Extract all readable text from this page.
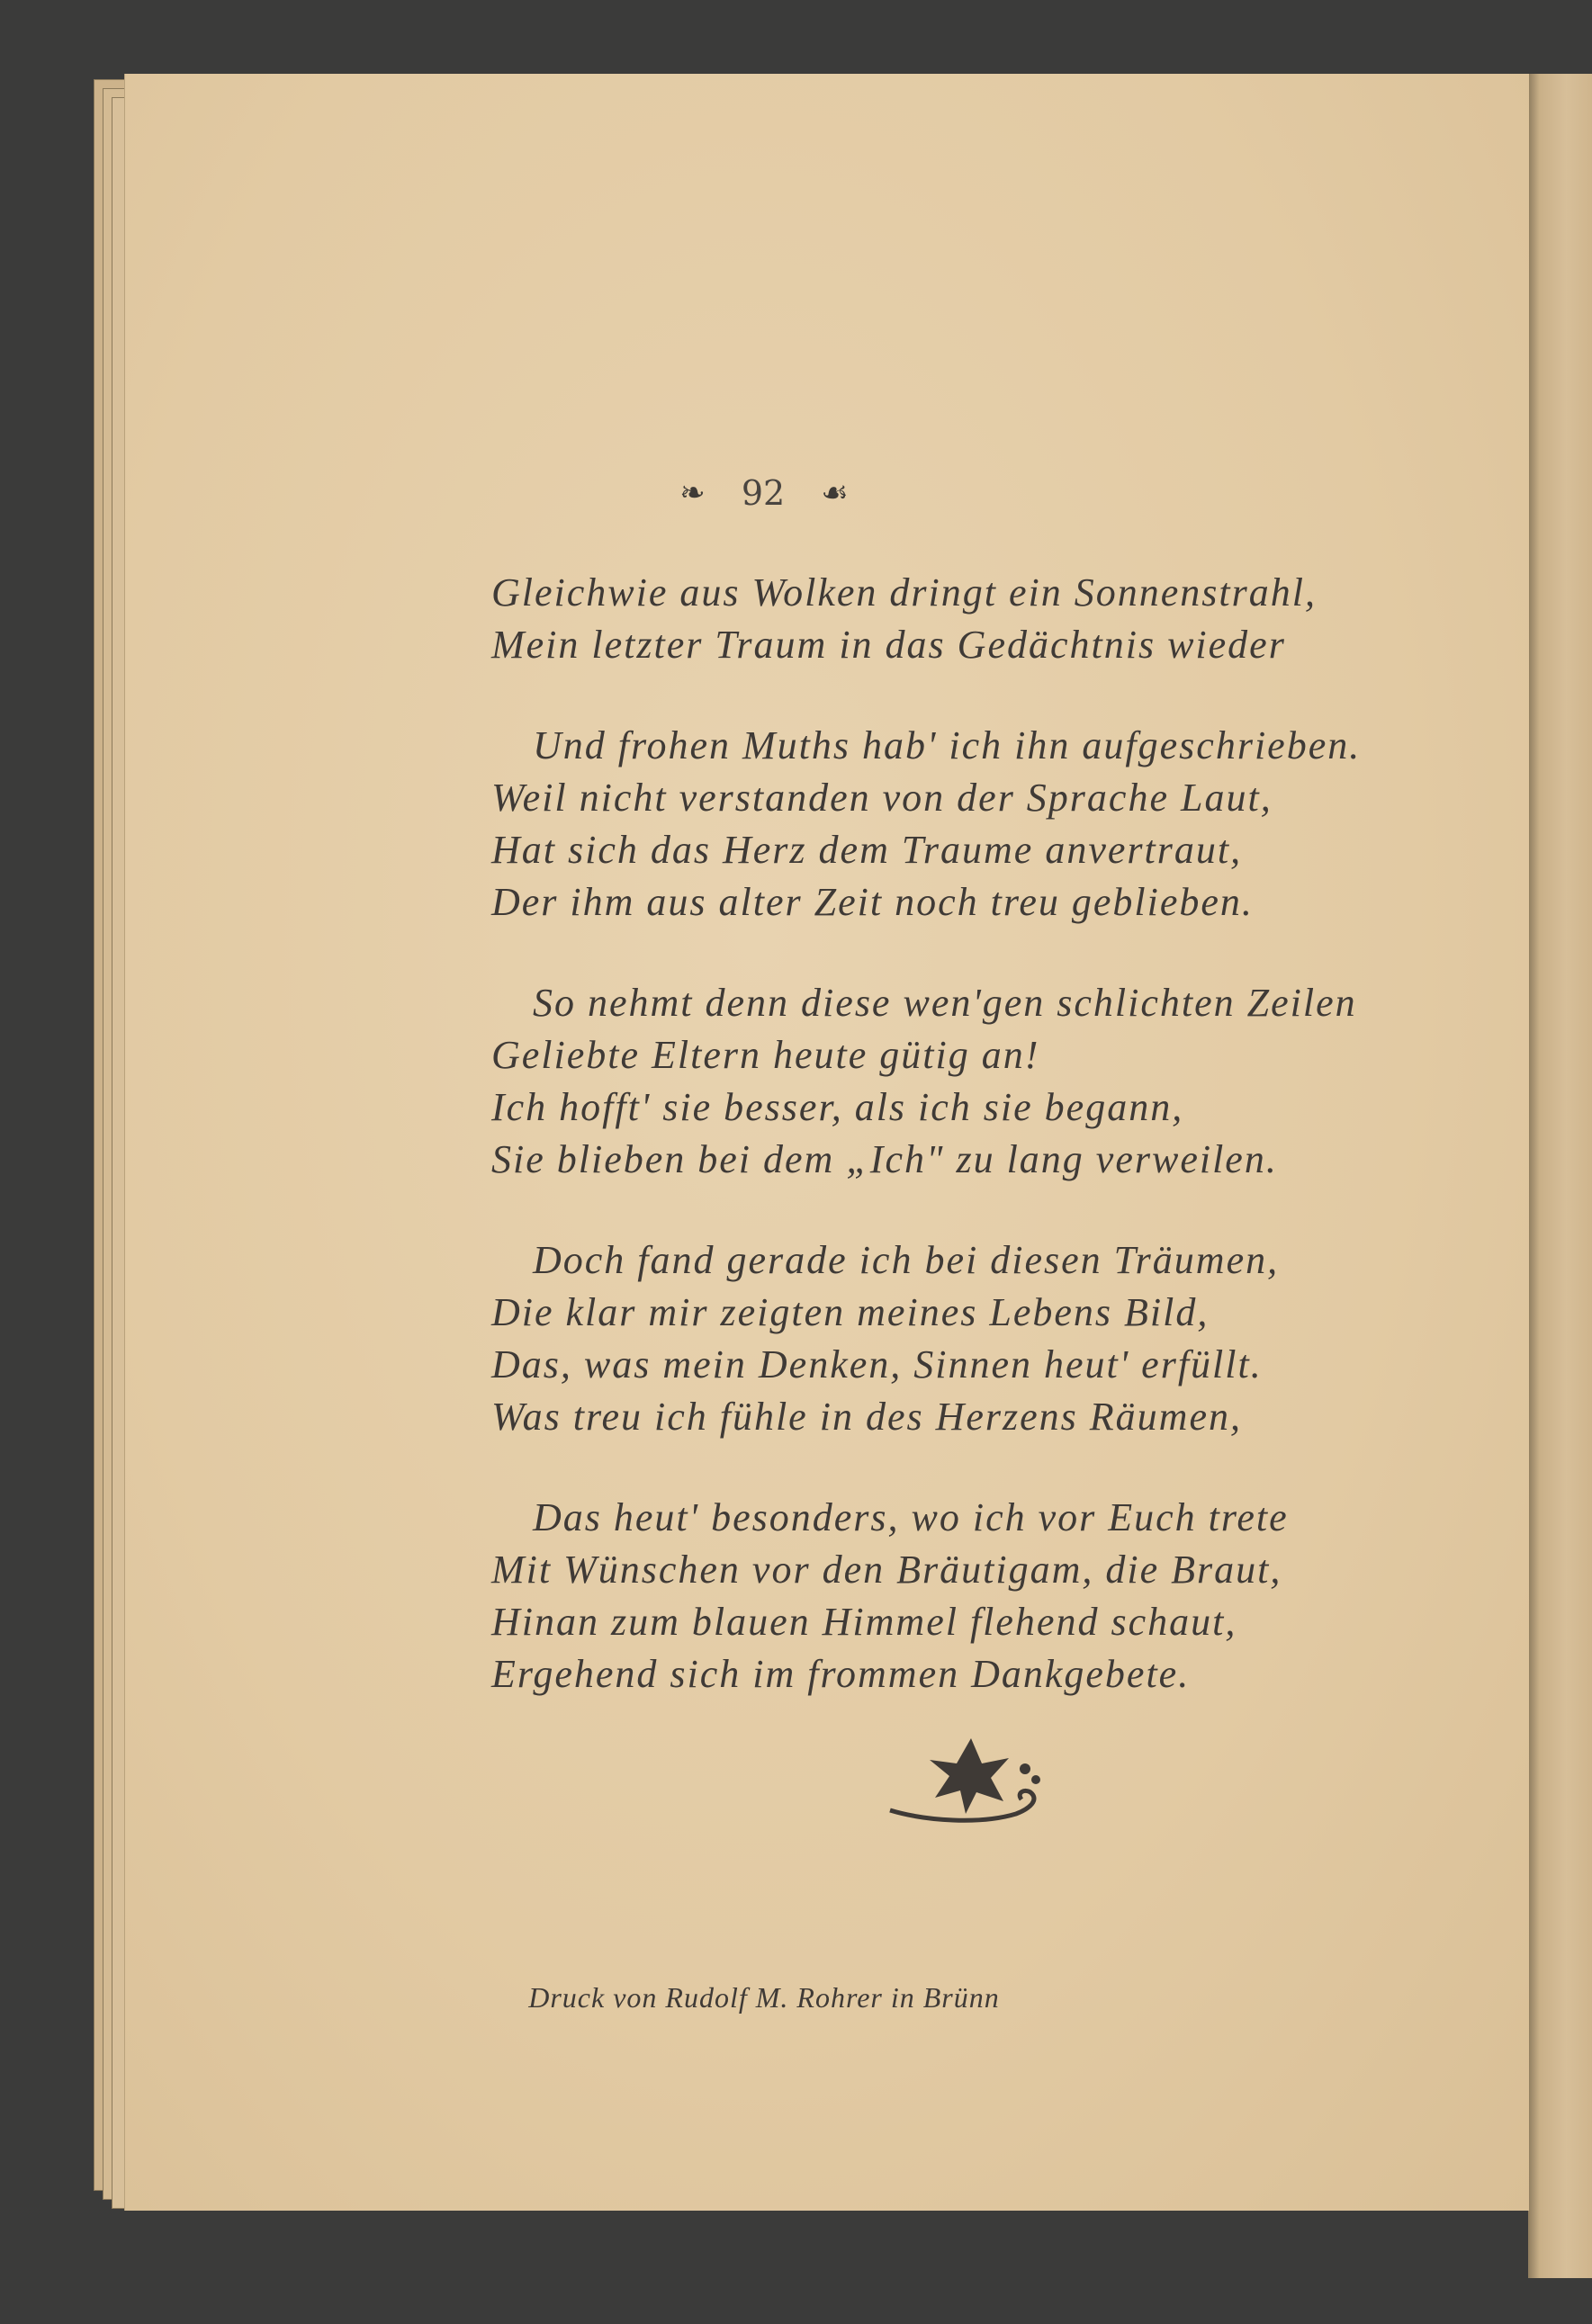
❧ 92 ☙
Gleichwie aus Wolken dringt ein Sonnenstrahl,
Mein letzter Traum in das Gedächtnis wieder
Und frohen Muths hab' ich ihn aufgeschrieben.
Weil nicht verstanden von der Sprache Laut,
Hat sich das Herz dem Traume anvertraut,
Der ihm aus alter Zeit noch treu geblieben.
So nehmt denn diese wen'gen schlichten Zeilen
Geliebte Eltern heute gütig an!
Ich hofft' sie besser, als ich sie begann,
Sie blieben bei dem „Ich" zu lang verweilen.
Doch fand gerade ich bei diesen Träumen,
Die klar mir zeigten meines Lebens Bild,
Das, was mein Denken, Sinnen heut' erfüllt.
Was treu ich fühle in des Herzens Räumen,
Das heut' besonders, wo ich vor Euch trete
Mit Wünschen vor den Bräutigam, die Braut,
Hinan zum blauen Himmel flehend schaut,
Ergehend sich im frommen Dankgebete.
Druck von Rudolf M. Rohrer in Brünn
